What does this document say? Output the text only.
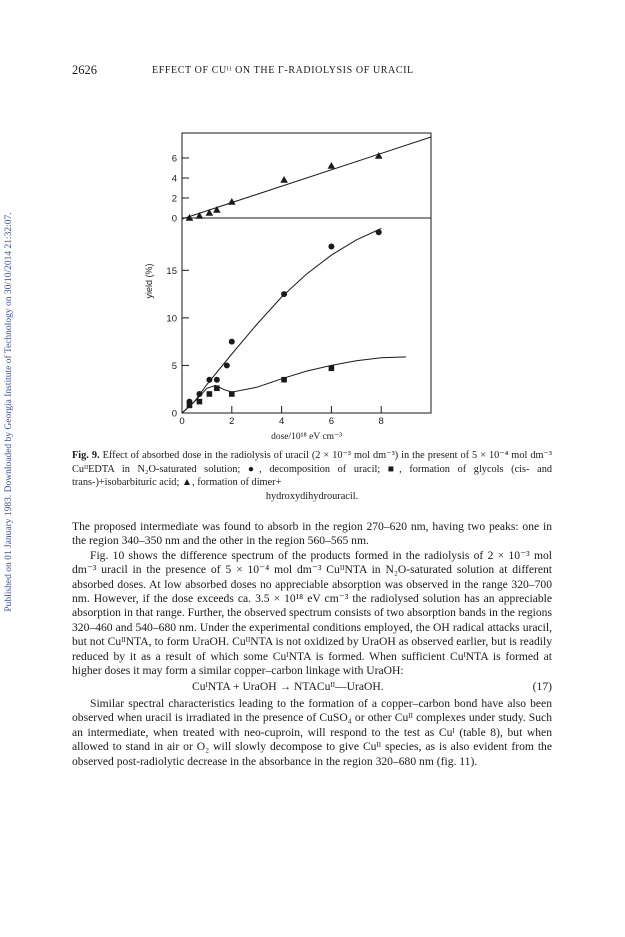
Published on 01 January 1983. Downloaded by Georgia Institute of Technology on 30/10/2014 21:32:07.
2626	EFFECT OF CUᴵᴵ ON THE Γ-RADIOLYSIS OF URACIL
0	2	4	6	8
0
5
10
15
0
2
4
6
dose/10¹⁸ eV cm⁻³
yield (%)
Fig. 9. Effect of absorbed dose in the radiolysis of uracil (2 × 10⁻³ mol dm⁻³) in the present of 5 × 10⁻⁴ mol dm⁻³ CuᴵᴵEDTA in N₂O-saturated solution; ●, decomposition of uracil; ■, formation of glycols (cis- and trans-)+isobarbituric acid; ▲, formation of dimer+
hydroxydihydrouracil.

The proposed intermediate was found to absorb in the region 270–620 nm, having two peaks: one in the region 340–350 nm and the other in the region 560–565 nm.

Fig. 10 shows the difference spectrum of the products formed in the radiolysis of 2 × 10⁻³ mol dm⁻³ uracil in the presence of 5 × 10⁻⁴ mol dm⁻³ CuᴵᴵNTA in N₂O-saturated solution at different absorbed doses. At low absorbed doses no appreciable absorption was observed in the range 320–700 nm. However, if the dose exceeds ca. 3.5 × 10¹⁸ eV cm⁻³ the radiolysed solution has an appreciable absorption in that range. Further, the observed spectrum consists of two absorption bands in the regions 320–460 and 540–680 nm. Under the experimental conditions employed, the OH radical attacks uracil, but not CuᴵᴵNTA, to form UraOH. CuᴵᴵNTA is not oxidized by UraOH as observed earlier, but is readily reduced by it as a result of which some CuᴵNTA is formed. When sufficient CuᴵNTA is formed at higher doses it may form a similar copper–carbon linkage with UraOH:

CuᴵNTA + UraOH → NTACuᴵᴵ—UraOH.	(17)

Similar spectral characteristics leading to the formation of a copper–carbon bond have also been observed when uracil is irradiated in the presence of CuSO₄ or other Cuᴵᴵ complexes under study. Such an intermediate, when treated with neo-cuproin, will respond to the test as Cuᴵ (table 8), but when allowed to stand in air or O₂ will slowly decompose to give Cuᴵᴵ species, as is also evident from the observed post-radiolytic decrease in the absorbance in the region 320–680 nm (fig. 11).
